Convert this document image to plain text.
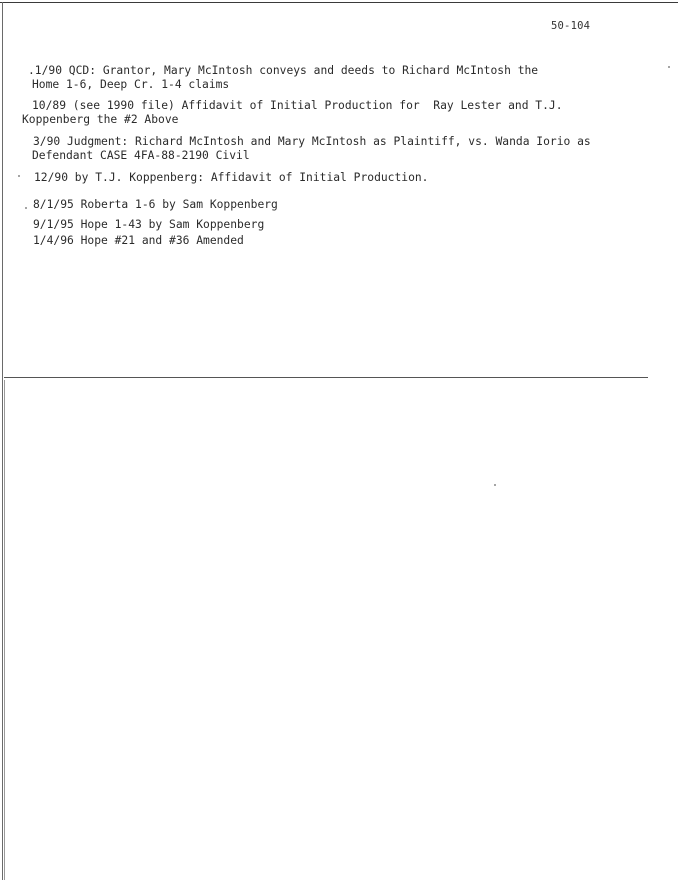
50-104
.1/90 QCD: Grantor, Mary McIntosh conveys and deeds to Richard McIntosh the
Home 1-6, Deep Cr. 1-4 claims
10/89 (see 1990 file) Affidavit of Initial Production for  Ray Lester and T.J.
Koppenberg the #2 Above
3/90 Judgment: Richard McIntosh and Mary McIntosh as Plaintiff, vs. Wanda Iorio as
Defendant CASE 4FA-88-2190 Civil
12/90 by T.J. Koppenberg: Affidavit of Initial Production.
8/1/95 Roberta 1-6 by Sam Koppenberg
9/1/95 Hope 1-43 by Sam Koppenberg
1/4/96 Hope #21 and #36 Amended
